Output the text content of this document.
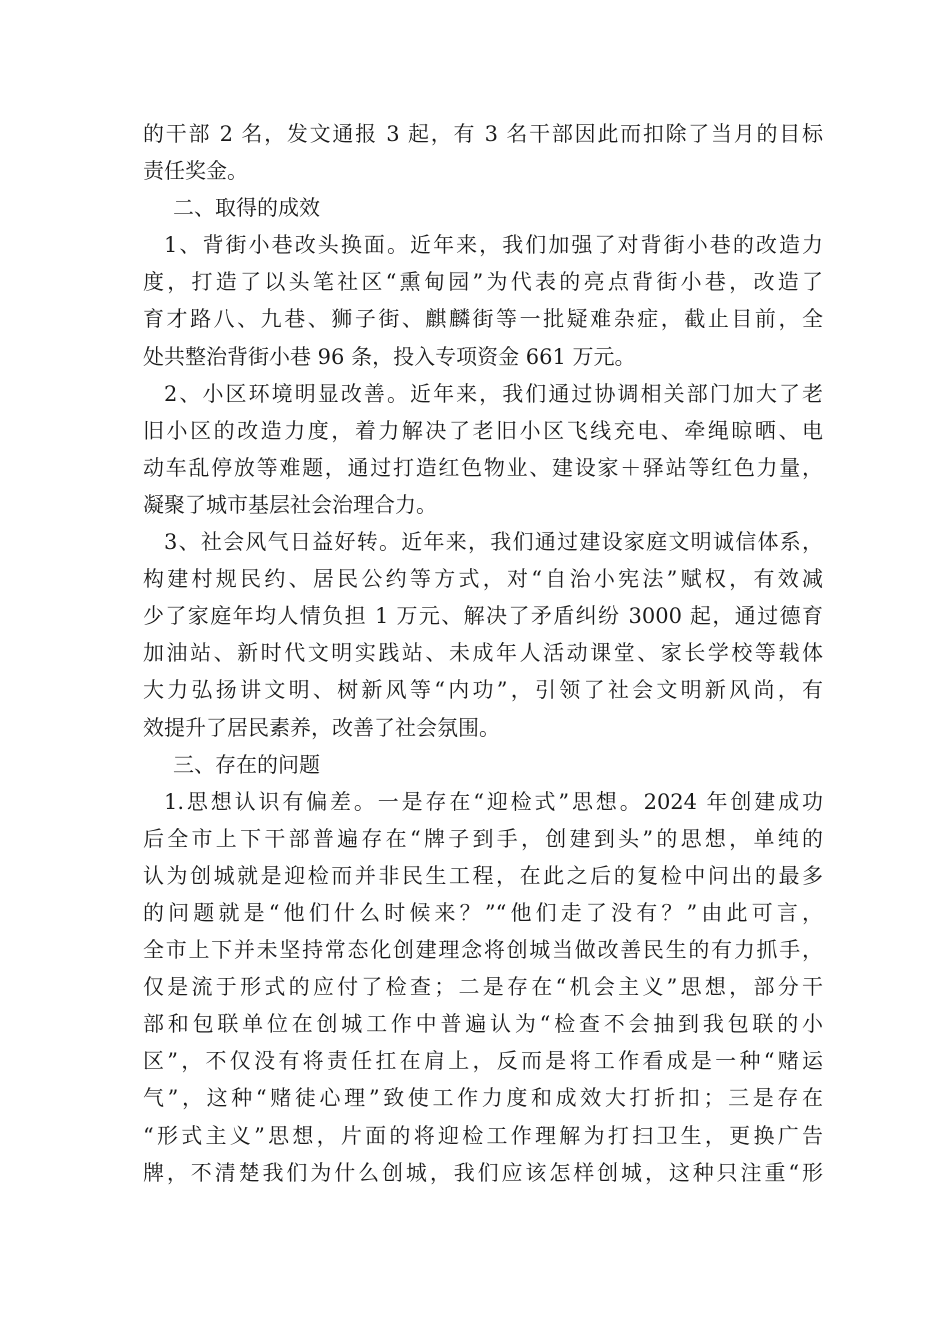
的干部 2 名，发文通报 3 起，有 3 名干部因此而扣除了当月的目标
责任奖金。
二、取得的成效
1、背街小巷改头换面。近年来，我们加强了对背街小巷的改造力
度，打造了以头笔社区“熏甸园”为代表的亮点背街小巷，改造了
育才路八、九巷、狮子街、麒麟街等一批疑难杂症，截止目前，全
处共整治背街小巷 96 条，投入专项资金 661 万元。
2、小区环境明显改善。近年来，我们通过协调相关部门加大了老
旧小区的改造力度，着力解决了老旧小区飞线充电、牵绳晾晒、电
动车乱停放等难题，通过打造红色物业、建设家＋驿站等红色力量，
凝聚了城市基层社会治理合力。
3、社会风气日益好转。近年来，我们通过建设家庭文明诚信体系，
构建村规民约、居民公约等方式，对“自治小宪法”赋权，有效减
少了家庭年均人情负担 1 万元、解决了矛盾纠纷 3000 起，通过德育
加油站、新时代文明实践站、未成年人活动课堂、家长学校等载体
大力弘扬讲文明、树新风等“内功”，引领了社会文明新风尚，有
效提升了居民素养，改善了社会氛围。
三、存在的问题
1.思想认识有偏差。一是存在“迎检式”思想。2024 年创建成功
后全市上下干部普遍存在“牌子到手，创建到头”的思想，单纯的
认为创城就是迎检而并非民生工程，在此之后的复检中问出的最多
的问题就是“他们什么时候来？”“他们走了没有？”由此可言，
全市上下并未坚持常态化创建理念将创城当做改善民生的有力抓手，
仅是流于形式的应付了检查；二是存在“机会主义”思想，部分干
部和包联单位在创城工作中普遍认为“检查不会抽到我包联的小
区”，不仅没有将责任扛在肩上，反而是将工作看成是一种“赌运
气”，这种“赌徒心理”致使工作力度和成效大打折扣；三是存在
“形式主义”思想，片面的将迎检工作理解为打扫卫生，更换广告
牌，不清楚我们为什么创城，我们应该怎样创城，这种只注重“形
